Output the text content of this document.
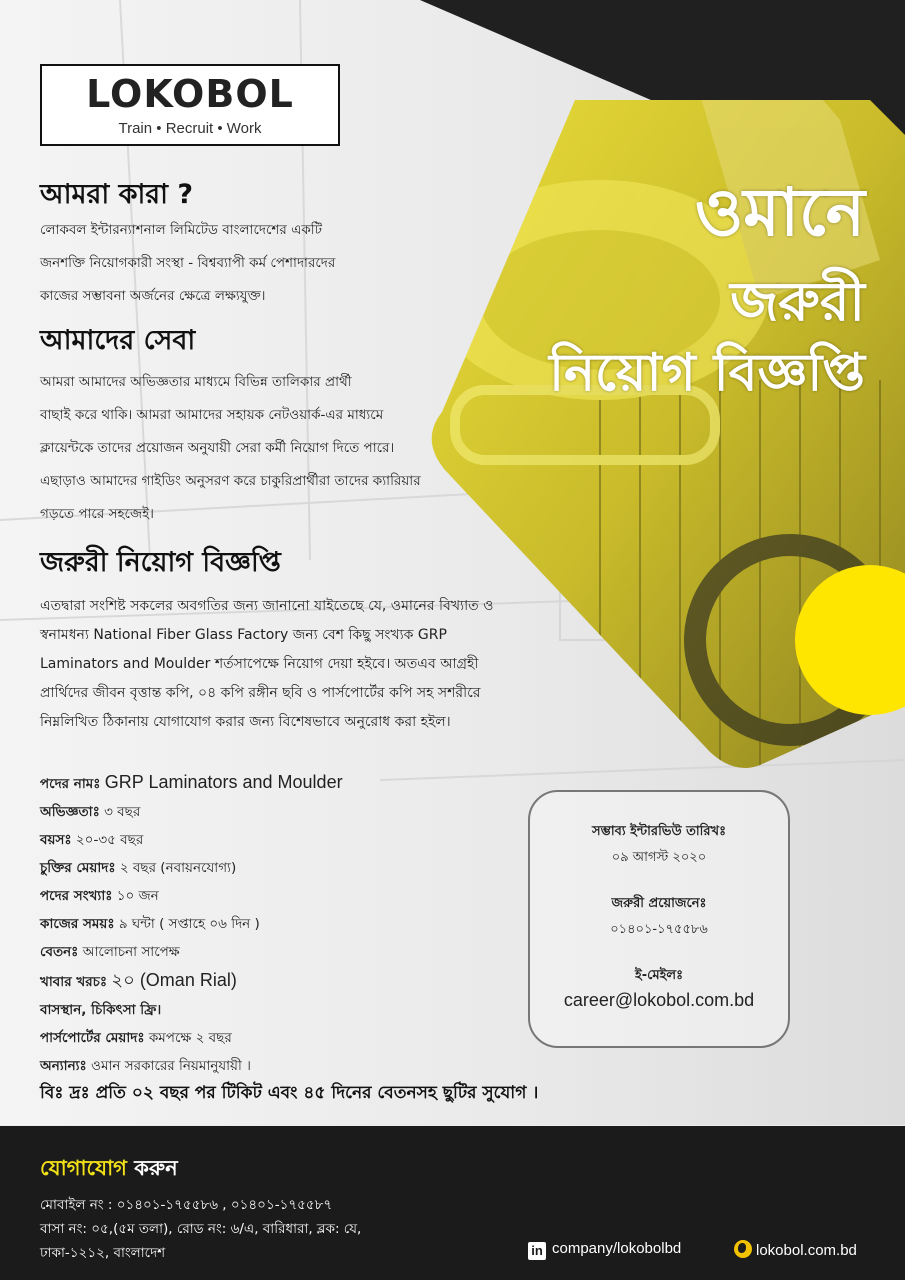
LOKOBOL
Train • Recruit • Work
ওমানে
জরুরী
নিয়োগ বিজ্ঞপ্তি
আমরা কারা ?
লোকবল ইন্টারন্যাশনাল লিমিটেড বাংলাদেশের একটি
জনশক্তি নিয়োগকারী সংস্থা - বিশ্বব্যাপী কর্ম পেশাদারদের
কাজের সম্ভাবনা অর্জনের ক্ষেত্রে লক্ষ্যযুক্ত।
আমাদের সেবা
আমরা আমাদের অভিজ্ঞতার মাধ্যমে বিভিন্ন তালিকার প্রার্থী
বাছাই করে থাকি। আমরা আমাদের সহায়ক নেটওয়ার্ক-এর মাধ্যমে
ক্লায়েন্টকে তাদের প্রয়োজন অনুযায়ী সেরা কর্মী নিয়োগ দিতে পারে।
এছাড়াও আমাদের গাইডিং অনুসরণ করে চাকুরিপ্রার্থীরা তাদের ক্যারিয়ার
গড়তে পারে সহজেই।
জরুরী নিয়োগ বিজ্ঞপ্তি
এতদ্বারা সংশিষ্ট সকলের অবগতির জন্য জানানো যাইতেছে যে, ওমানের বিখ্যাত ও
স্বনামধন্য National Fiber Glass Factory জন্য বেশ কিছু সংখ্যক GRP
Laminators and Moulder শর্তসাপেক্ষে নিয়োগ দেয়া হইবে। অতএব আগ্রহী
প্রার্থিদের জীবন বৃত্তান্ত কপি, ০৪ কপি রঙ্গীন ছবি ও পার্সপোর্টের কপি সহ সশরীরে
নিম্নলিখিত ঠিকানায় যোগাযোগ করার জন্য বিশেষভাবে অনুরোধ করা হইল।
পদের নামঃ GRP Laminators and Moulder
অভিজ্ঞতাঃ ৩ বছর
বয়সঃ ২০-৩৫ বছর
চুক্তির মেয়াদঃ ২ বছর (নবায়নযোগ্য)
পদের সংখ্যাঃ ১০ জন
কাজের সময়ঃ ৯ ঘন্টা ( সপ্তাহে ০৬ দিন )
বেতনঃ আলোচনা সাপেক্ষ
খাবার খরচঃ ২০ (Oman Rial)
বাসস্থান, চিকিৎসা ফ্রি।
পার্সপোর্টের মেয়াদঃ কমপক্ষে ২ বছর
অন্যান্যঃ ওমান সরকারের নিয়মানুযায়ী ।
সম্ভাব্য ইন্টারভিউ তারিখঃ
০৯ আগস্ট ২০২০
জরুরী প্রয়োজনেঃ
০১৪০১-১৭৫৫৮৬
ই-মেইলঃ
career@lokobol.com.bd
বিঃ দ্রঃ প্রতি ০২ বছর পর টিকিট এবং ৪৫ দিনের বেতনসহ ছুটির সুযোগ ।
যোগাযোগ করুন
মোবাইল নং : ০১৪০১-১৭৫৫৮৬ , ০১৪০১-১৭৫৫৮৭
বাসা নং: ০৫,(৫ম তলা), রোড নং: ৬/এ, বারিধারা, ব্লক: যে,
ঢাকা-১২১২, বাংলাদেশ	in company/lokobolbd	lokobol.com.bd
